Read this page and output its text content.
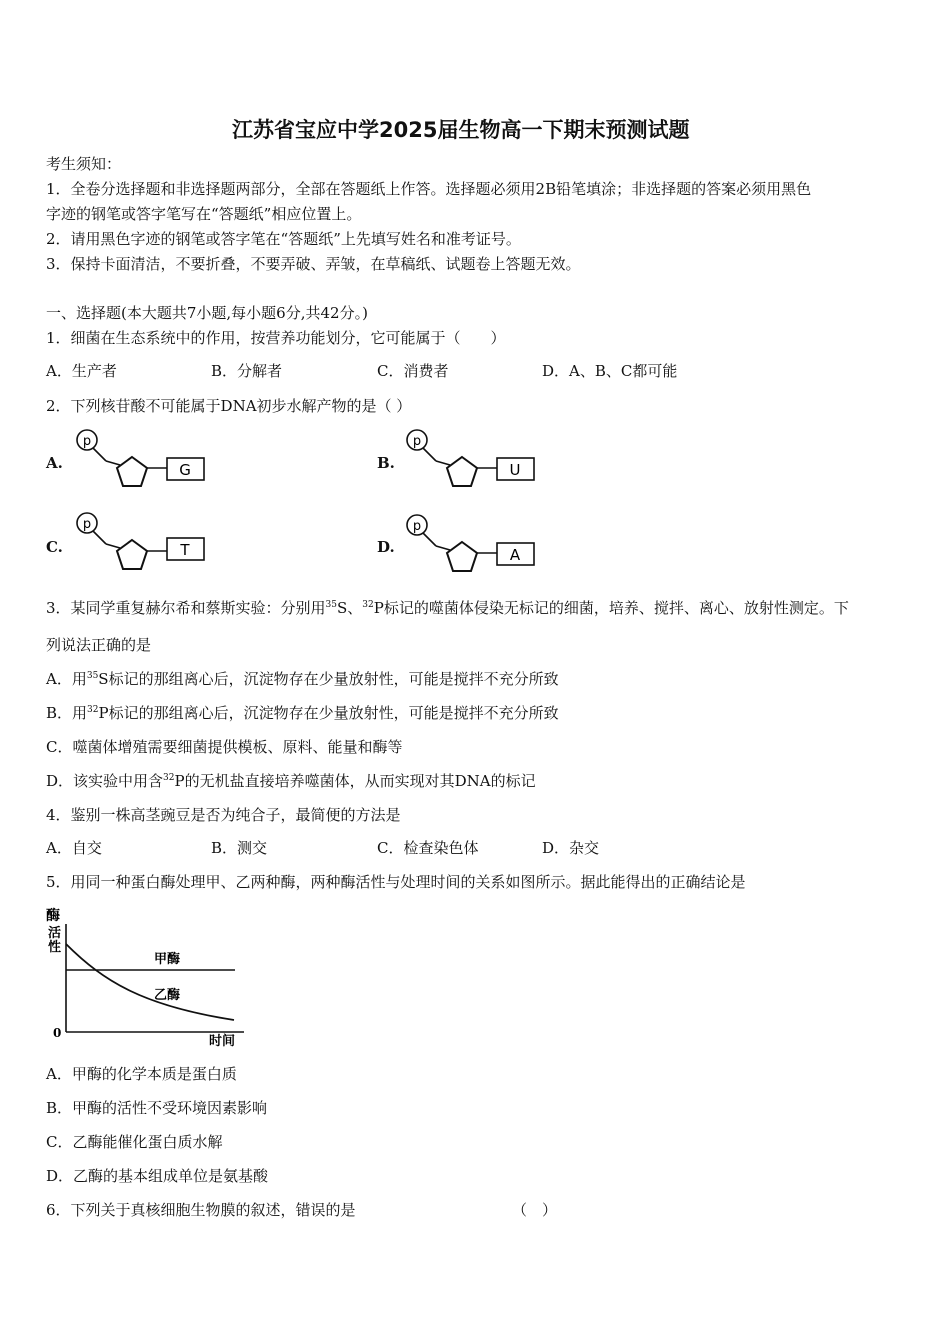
江苏省宝应中学2025届生物高一下期末预测试题
考生须知：
1．全卷分选择题和非选择题两部分，全部在答题纸上作答。选择题必须用2B铅笔填涂；非选择题的答案必须用黑色
字迹的钢笔或答字笔写在“答题纸”相应位置上。
2．请用黑色字迹的钢笔或答字笔在“答题纸”上先填写姓名和准考证号。
3．保持卡面清洁，不要折叠，不要弄破、弄皱，在草稿纸、试题卷上答题无效。
一、选择题(本大题共7小题,每小题6分,共42分。)
1．细菌在生态系统中的作用，按营养功能划分，它可能属于（　　）
A．生产者	B．分解者	C．消费者	D．A、B、C都可能
2．下列核苷酸不可能属于DNA初步水解产物的是（ ）
A.	B.
C.	D.
p
G
p
U
p
T
p
A
3．某同学重复赫尔希和蔡斯实验：分别用$^{35}$S、$^{32}$P标记的噬菌体侵染无标记的细菌，培养、搅拌、离心、放射性测定。下
列说法正确的是
A．用$^{35}$S标记的那组离心后，沉淀物存在少量放射性，可能是搅拌不充分所致
B．用$^{32}$P标记的那组离心后，沉淀物存在少量放射性，可能是搅拌不充分所致
C．噬菌体增殖需要细菌提供模板、原料、能量和酶等
D．该实验中用含$^{32}$P的无机盐直接培养噬菌体，从而实现对其DNA的标记
4．鉴别一株高茎豌豆是否为纯合子，最简便的方法是
A．自交	B．测交	C．检查染色体	D．杂交
5．用同一种蛋白酶处理甲、乙两种酶，两种酶活性与处理时间的关系如图所示。据此能得出的正确结论是
酶
活
性
0
时间
甲酶
乙酶
A．甲酶的化学本质是蛋白质
B．甲酶的活性不受环境因素影响
C．乙酶能催化蛋白质水解
D．乙酶的基本组成单位是氨基酸
6．下列关于真核细胞生物膜的叙述，错误的是	（　）
